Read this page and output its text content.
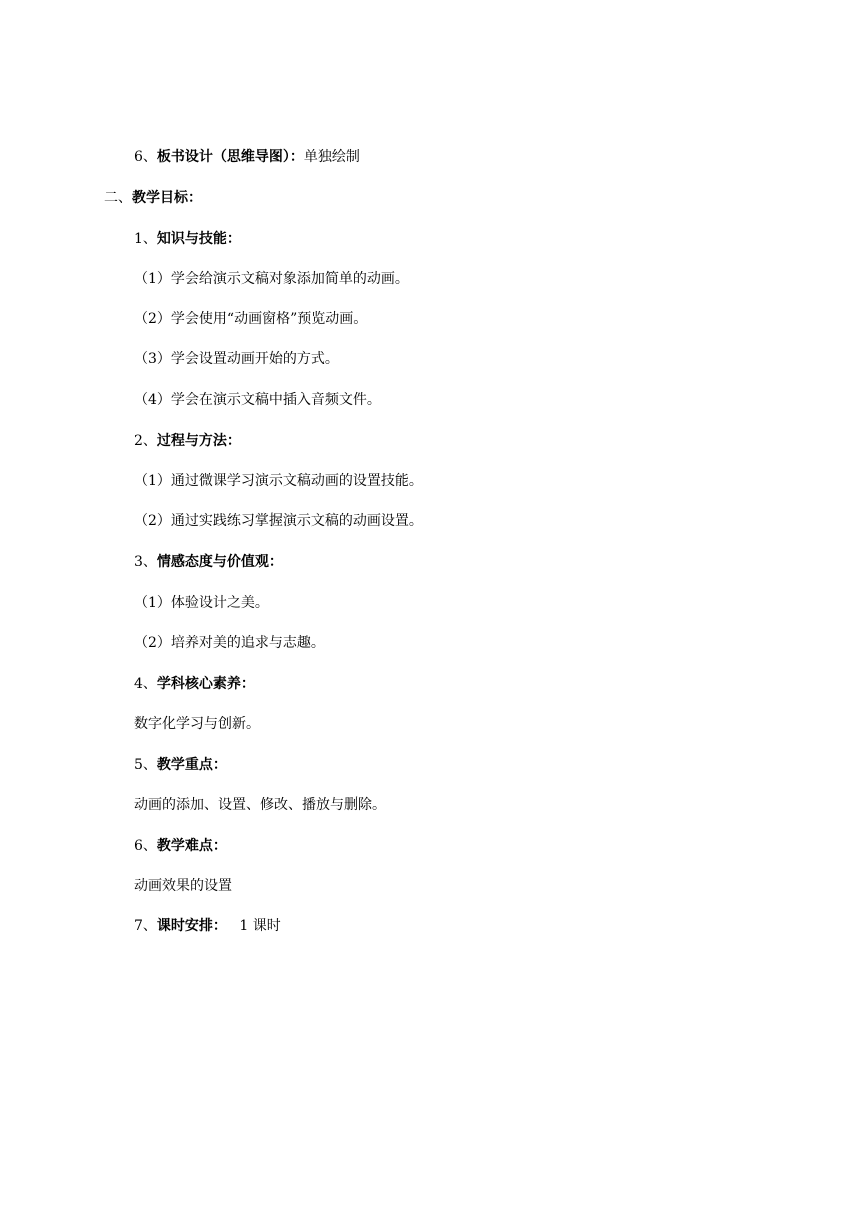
6、板书设计（思维导图）：单独绘制
二、教学目标：
1、知识与技能：
（1）学会给演示文稿对象添加简单的动画。
（2）学会使用“动画窗格”预览动画。
（3）学会设置动画开始的方式。
（4）学会在演示文稿中插入音频文件。
2、过程与方法：
（1）通过微课学习演示文稿动画的设置技能。
（2）通过实践练习掌握演示文稿的动画设置。
3、情感态度与价值观：
（1）体验设计之美。
（2）培养对美的追求与志趣。
4、学科核心素养：
数字化学习与创新。
5、教学重点：
动画的添加、设置、修改、播放与删除。
6、教学难点：
动画效果的设置
7、课时安排： 1 课时
